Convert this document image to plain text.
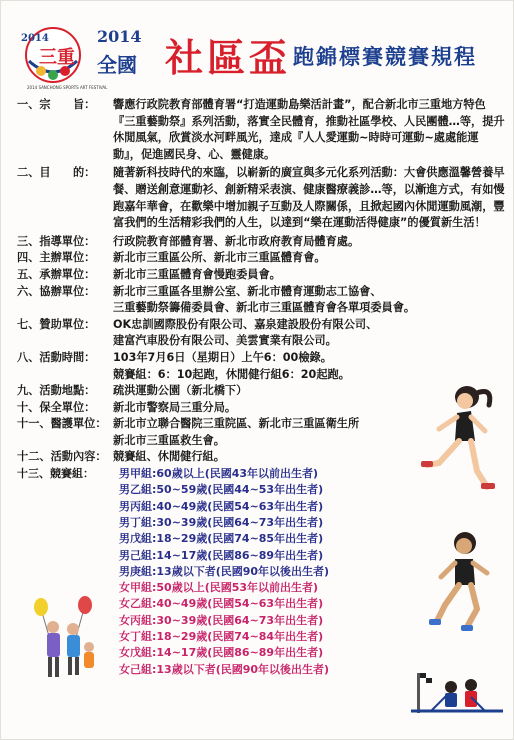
2014
三重
2014 SANCHONG SPORTS ART FESTIVAL
2014
全國 社區盃 跑錦標賽競賽規程
一、宗　　旨：	響應行政院教育部體育署“打造運動島樂活計畫”，配合新北市三重地方特色『三重藝動祭』系列活動，落實全民體育，推動社區學校、人民團體…等，提升休閒風氣，欣賞淡水河畔風光，達成『人人愛運動~時時可運動~處處能運動』，促進國民身、心、靈健康。
二、目　　的：	隨著新科技時代的來臨，以嶄新的廣宣與多元化系列活動：大會供應溫馨營養早餐、贈送創意運動衫、創新精采表演、健康醫療義診…等，以漸進方式，有如慢跑嘉年華會，在歡樂中增加親子互動及人際關係，且掀起國內休閒運動風潮，豐富我們的生活精彩我們的人生，以達到“樂在運動活得健康”的優質新生活！
三、指導單位：	行政院教育部體育署、新北市政府教育局體育處。
四、主辦單位：	新北市三重區公所、新北市三重區體育會。
五、承辦單位：	新北市三重區體育會慢跑委員會。
六、協辦單位：	新北市三重區各里辦公室、新北市體育運動志工協會、
三重藝動祭籌備委員會、新北市三重區體育會各單項委員會。
七、贊助單位：	OK忠訓國際股份有限公司、嘉泉建設股份有限公司、
建富汽車股份有限公司、美雲實業有限公司。
八、活動時間：	103年7月6日（星期日）上午6：00檢錄。
競賽組：6：10起跑，休閒健行組6：20起跑。
九、活動地點：	疏洪運動公園（新北橋下）
十、保全單位：	新北市警察局三重分局。
十一、醫護單位： 新北市立聯合醫院三重院區、新北市三重區衛生所
新北市三重區救生會。
十二、活動內容： 競賽組、休閒健行組。
十三、競賽組：	男甲組:60歲以上(民國43年以前出生者)
男乙組:50~59歲(民國44~53年出生者)
男丙組:40~49歲(民國54~63年出生者)
男丁組:30~39歲(民國64~73年出生者)
男戊組:18~29歲(民國74~85年出生者)
男己組:14~17歲(民國86~89年出生者)
男庚組:13歲以下者(民國90年以後出生者)
女甲組:50歲以上(民國53年以前出生者)
女乙組:40~49歲(民國54~63年出生者)
女丙組:30~39歲(民國64~73年出生者)
女丁組:18~29歲(民國74~84年出生者)
女戊組:14~17歲(民國86~89年出生者)
女己組:13歲以下者(民國90年以後出生者)
